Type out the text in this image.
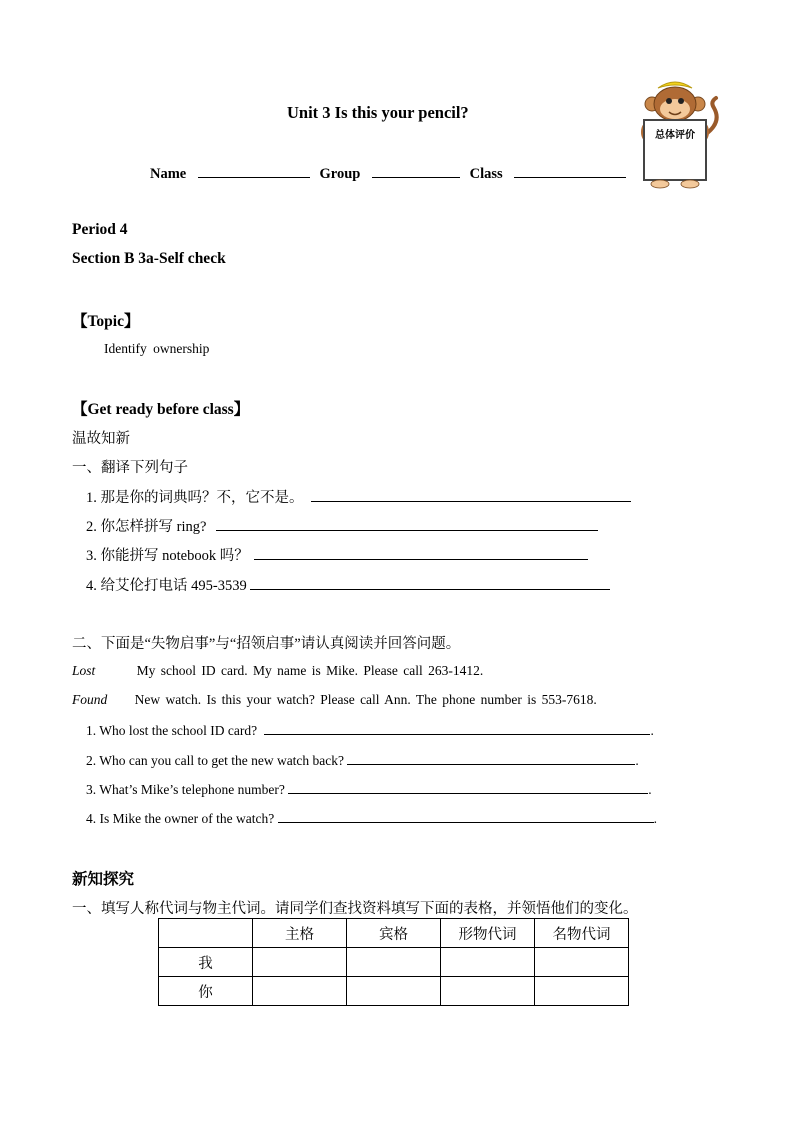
Unit 3 Is this your pencil?
Name	Group	Class
总体评价
Period 4
Section B 3a-Self check
【Topic】
Identify ownership
【Get ready before class】
温故知新
一、翻译下列句子
1. 那是你的词典吗？不，它不是。
2. 你怎样拼写 ring?
3. 你能拼写 notebook 吗？
4. 给艾伦打电话 495-3539
二、下面是“失物启事”与“招领启事”请认真阅读并回答问题。
Lost	My school ID card. My name is Mike. Please call 263-1412.
Found New watch. Is this your watch? Please call Ann. The phone number is 553-7618.
1. Who lost the school ID card?	.
2. Who can you call to get the new watch back?	.
3. What’s Mike’s telephone number?	.
4. Is Mike the owner of the watch?	.
新知探究
一、填写人称代词与物主代词。请同学们查找资料填写下面的表格，并领悟他们的变化。
	主格	宾格	形物代词	名物代词
我				
你				
